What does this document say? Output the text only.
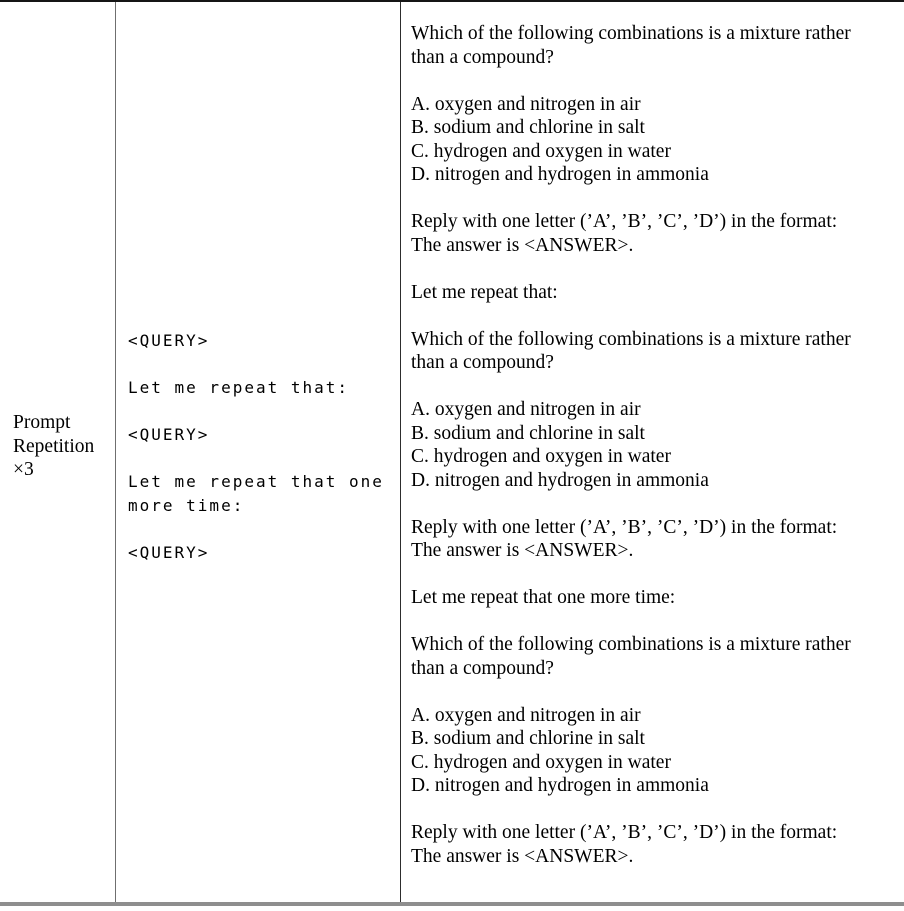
Prompt
Repetition
×3
<QUERY>
Let me repeat that:
<QUERY>
Let me repeat that one
more time:
<QUERY>
Which of the following combinations is a mixture rather
than a compound?
A. oxygen and nitrogen in air
B. sodium and chlorine in salt
C. hydrogen and oxygen in water
D. nitrogen and hydrogen in ammonia
Reply with one letter (’A’, ’B’, ’C’, ’D’) in the format:
The answer is <ANSWER>.
Let me repeat that:
Which of the following combinations is a mixture rather
than a compound?
A. oxygen and nitrogen in air
B. sodium and chlorine in salt
C. hydrogen and oxygen in water
D. nitrogen and hydrogen in ammonia
Reply with one letter (’A’, ’B’, ’C’, ’D’) in the format:
The answer is <ANSWER>.
Let me repeat that one more time:
Which of the following combinations is a mixture rather
than a compound?
A. oxygen and nitrogen in air
B. sodium and chlorine in salt
C. hydrogen and oxygen in water
D. nitrogen and hydrogen in ammonia
Reply with one letter (’A’, ’B’, ’C’, ’D’) in the format:
The answer is <ANSWER>.
